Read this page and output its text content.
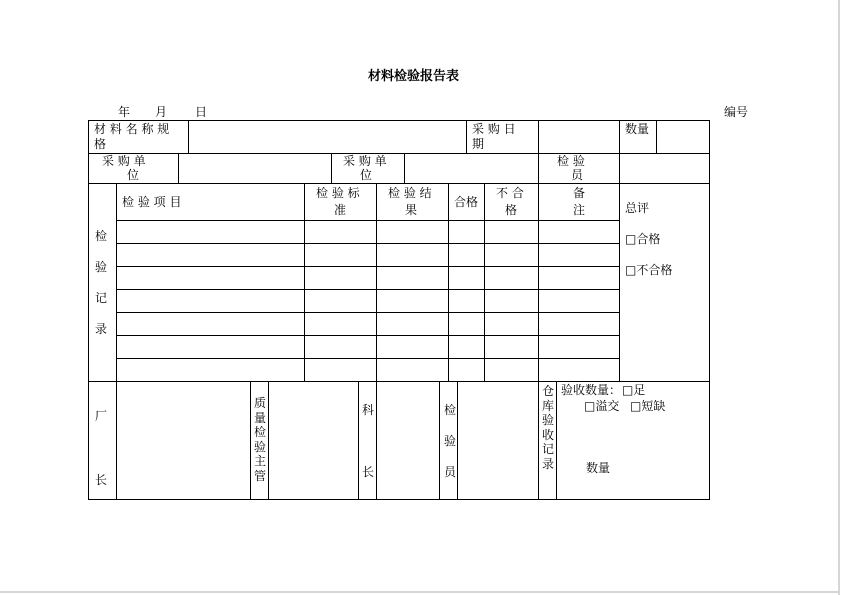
材料检验报告表
年 月 日	编号
材 料 名 称 规
格
采 购 日
期
数量
采 购 单
位
采 购 单
位
检 验
员
检 验 项 目
检 验 标
准
检 验 结
果
合格
不 合
格
备
注
检
验
记
录
总评
□合格
□不合格
厂
长
质量检验主管
科
长
检
验
员
仓库验收记录
验收数量： □足
□溢交 □短缺
数量
